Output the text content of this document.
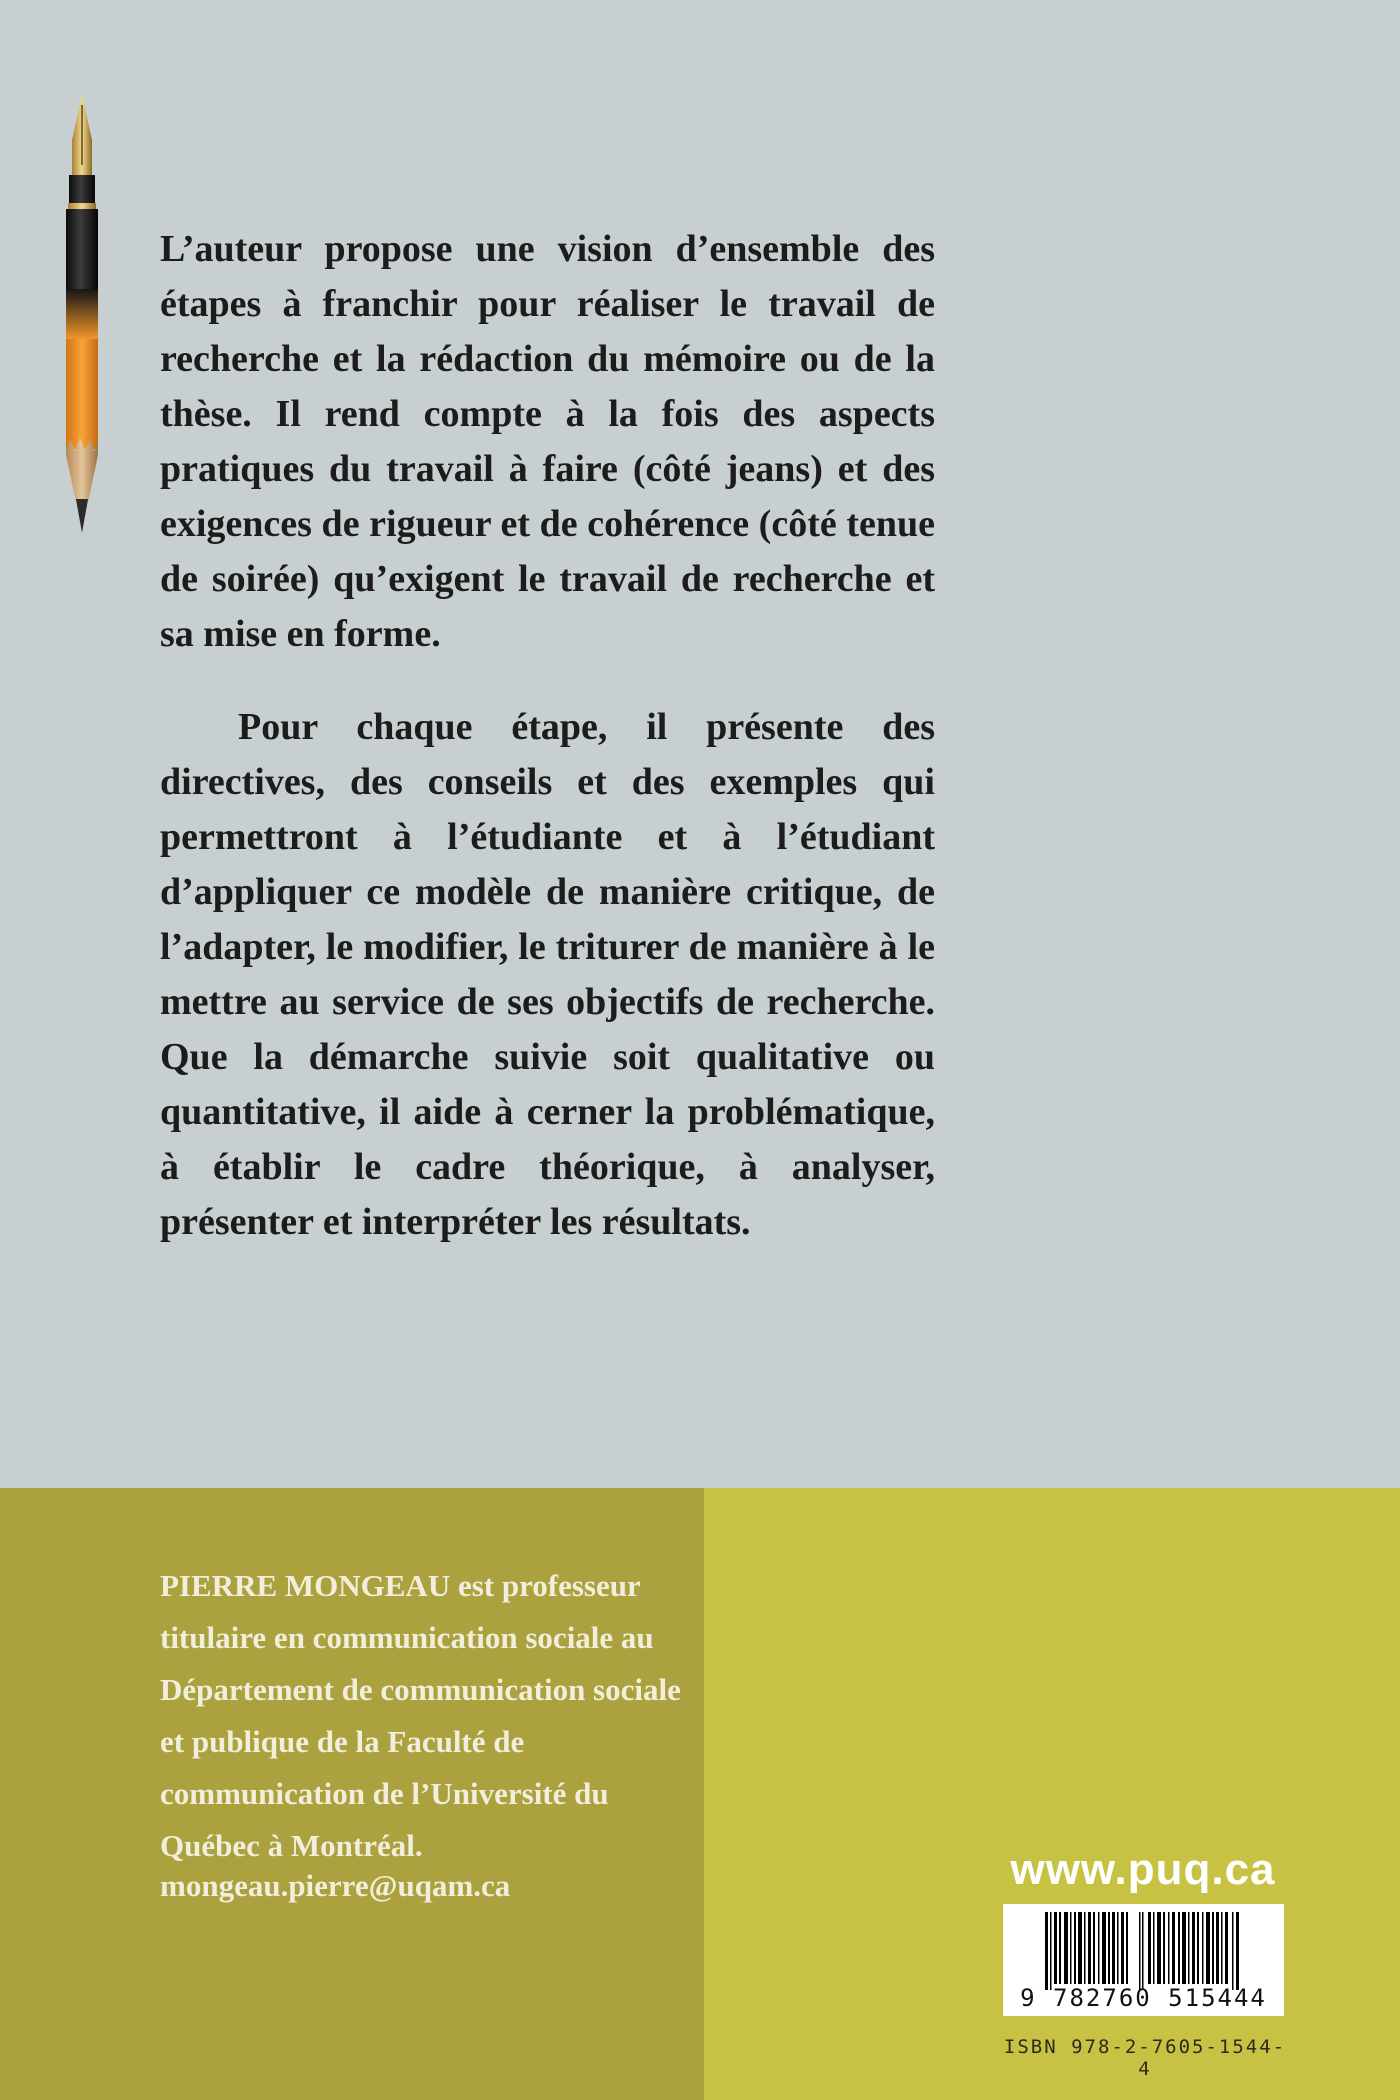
L’auteur propose une vision d’ensemble des étapes à franchir pour réaliser le travail de recherche et la rédaction du mémoire ou de la thèse. Il rend compte à la fois des aspects pratiques du travail à faire (côté jeans) et des exigences de rigueur et de cohérence (côté tenue de soirée) qu’exigent le travail de recherche et sa mise en forme.

Pour chaque étape, il présente des directives, des conseils et des exemples qui permettront à l’étudiante et à l’étudiant d’appliquer ce modèle de manière critique, de l’adapter, le modifier, le triturer de manière à le mettre au service de ses objectifs de recherche. Que la démarche suivie soit qualitative ou quantitative, il aide à cerner la problématique, à établir le cadre théorique, à analyser, présenter et interpréter les résultats.

PIERRE MONGEAU est professeur titulaire en communication sociale au Département de communication sociale et publique de la Faculté de communication de l’Université du Québec à Montréal.

mongeau.pierre@uqam.ca	www.puq.ca
9 782760 515444
ISBN 978-2-7605-1544-4
